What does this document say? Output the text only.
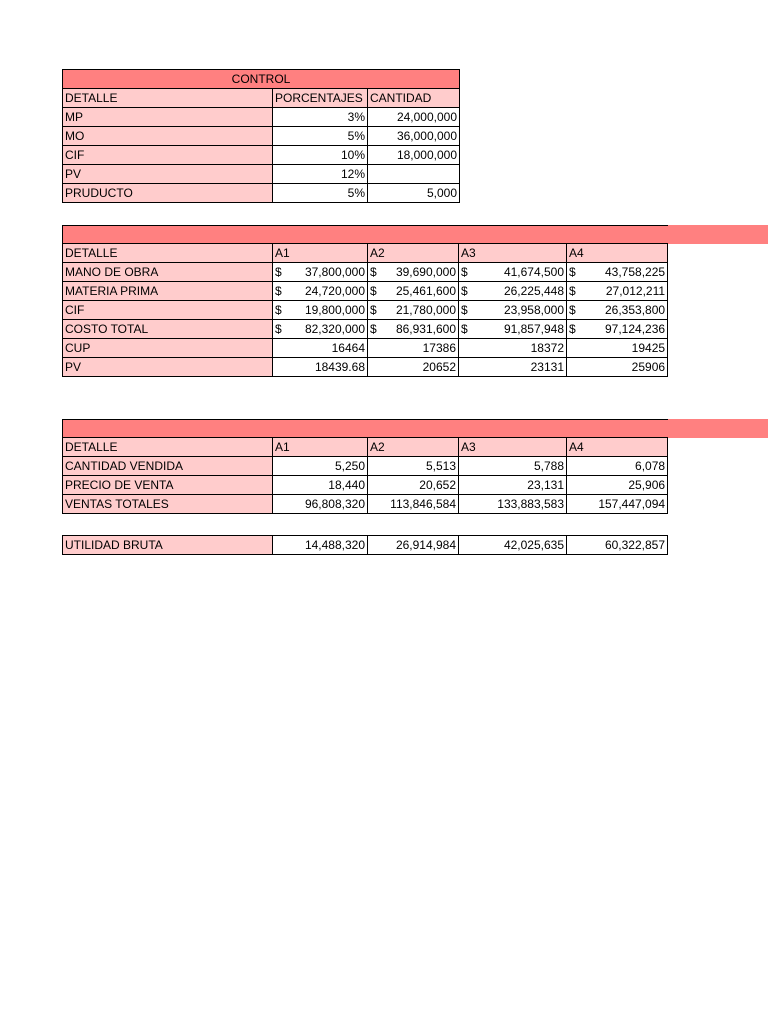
CONTROL		
DETALLE	PORCENTAJES	CANTIDAD
MP	3%	24,000,000
MO	5%	36,000,000
CIF	10%	18,000,000
PV	12%	
PRUDUCTO	5%	5,000

DETALLE	A1	A2	A3	A4
MANO DE OBRA	$ 37,800,000	$ 39,690,000	$ 41,674,500	$ 43,758,225

MATERIA PRIMA	$ 24,720,000	$ 25,461,600	$ 26,225,448	$ 27,012,211

CIF	$ 19,800,000	$ 21,780,000	$ 23,958,000	$ 26,353,800

COSTO TOTAL	$ 82,320,000	$ 86,931,600	$ 91,857,948	$ 97,124,236

CUP	16464	17386	18372	19425
PV	18439.68	20652	23131	25906

DETALLE	A1	A2	A3	A4
CANTIDAD VENDIDA	5,250	5,513	5,788	6,078
PRECIO DE VENTA	18,440	20,652	23,131	25,906
VENTAS TOTALES	96,808,320	113,846,584	133,883,583	157,447,094
UTILIDAD BRUTA	14,488,320	26,914,984	42,025,635	60,322,857
